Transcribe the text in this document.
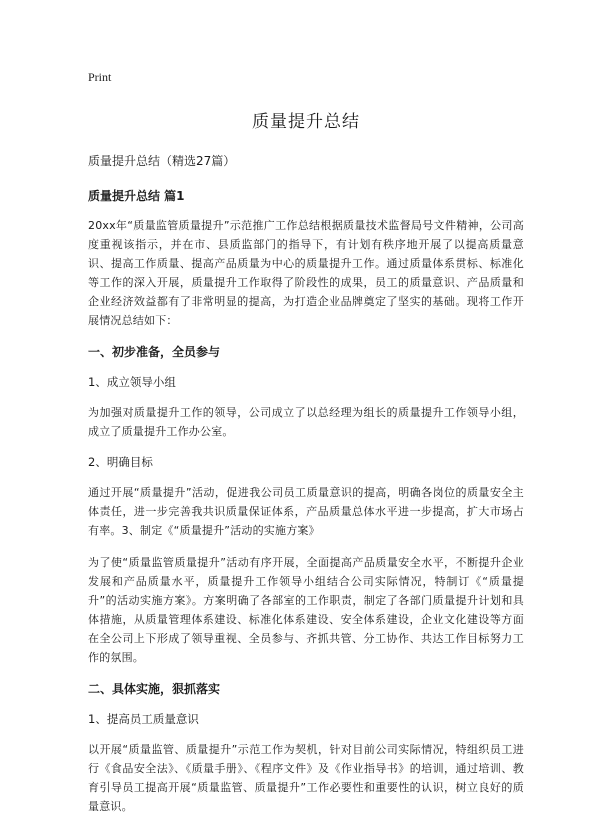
Print
质量提升总结
质量提升总结（精选27篇）
质量提升总结 篇1

20xx年“质量监管质量提升”示范推广工作总结根据质量技术监督局号文件精神，公司高度重视该指示，并在市、县质监部门的指导下，有计划有秩序地开展了以提高质量意识、提高工作质量、提高产品质量为中心的质量提升工作。通过质量体系贯标、标准化等工作的深入开展，质量提升工作取得了阶段性的成果，员工的质量意识、产品质量和企业经济效益都有了非常明显的提高，为打造企业品牌奠定了坚实的基础。现将工作开展情况总结如下：

一、初步准备，全员参与
1、成立领导小组

为加强对质量提升工作的领导，公司成立了以总经理为组长的质量提升工作领导小组，成立了质量提升工作办公室。

2、明确目标

通过开展“质量提升”活动，促进我公司员工质量意识的提高，明确各岗位的质量安全主体责任，进一步完善我共识质量保证体系，产品质量总体水平进一步提高，扩大市场占有率。3、制定《“质量提升”活动的实施方案》

为了使“质量监管质量提升”活动有序开展，全面提高产品质量安全水平，不断提升企业发展和产品质量水平，质量提升工作领导小组结合公司实际情况，特制订《“质量提升”的活动实施方案》。方案明确了各部室的工作职责，制定了各部门质量提升计划和具体措施，从质量管理体系建设、标准化体系建设、安全体系建设，企业文化建设等方面在全公司上下形成了领导重视、全员参与、齐抓共管、分工协作、共达工作目标努力工作的氛围。

二、具体实施，狠抓落实
1、提高员工质量意识

以开展“质量监管、质量提升”示范工作为契机，针对目前公司实际情况，特组织员工进行《食品安全法》、《质量手册》、《程序文件》及《作业指导书》的培训，通过培训、教育引导员工提高开展“质量监管、质量提升”工作必要性和重要性的认识，树立良好的质量意识。
